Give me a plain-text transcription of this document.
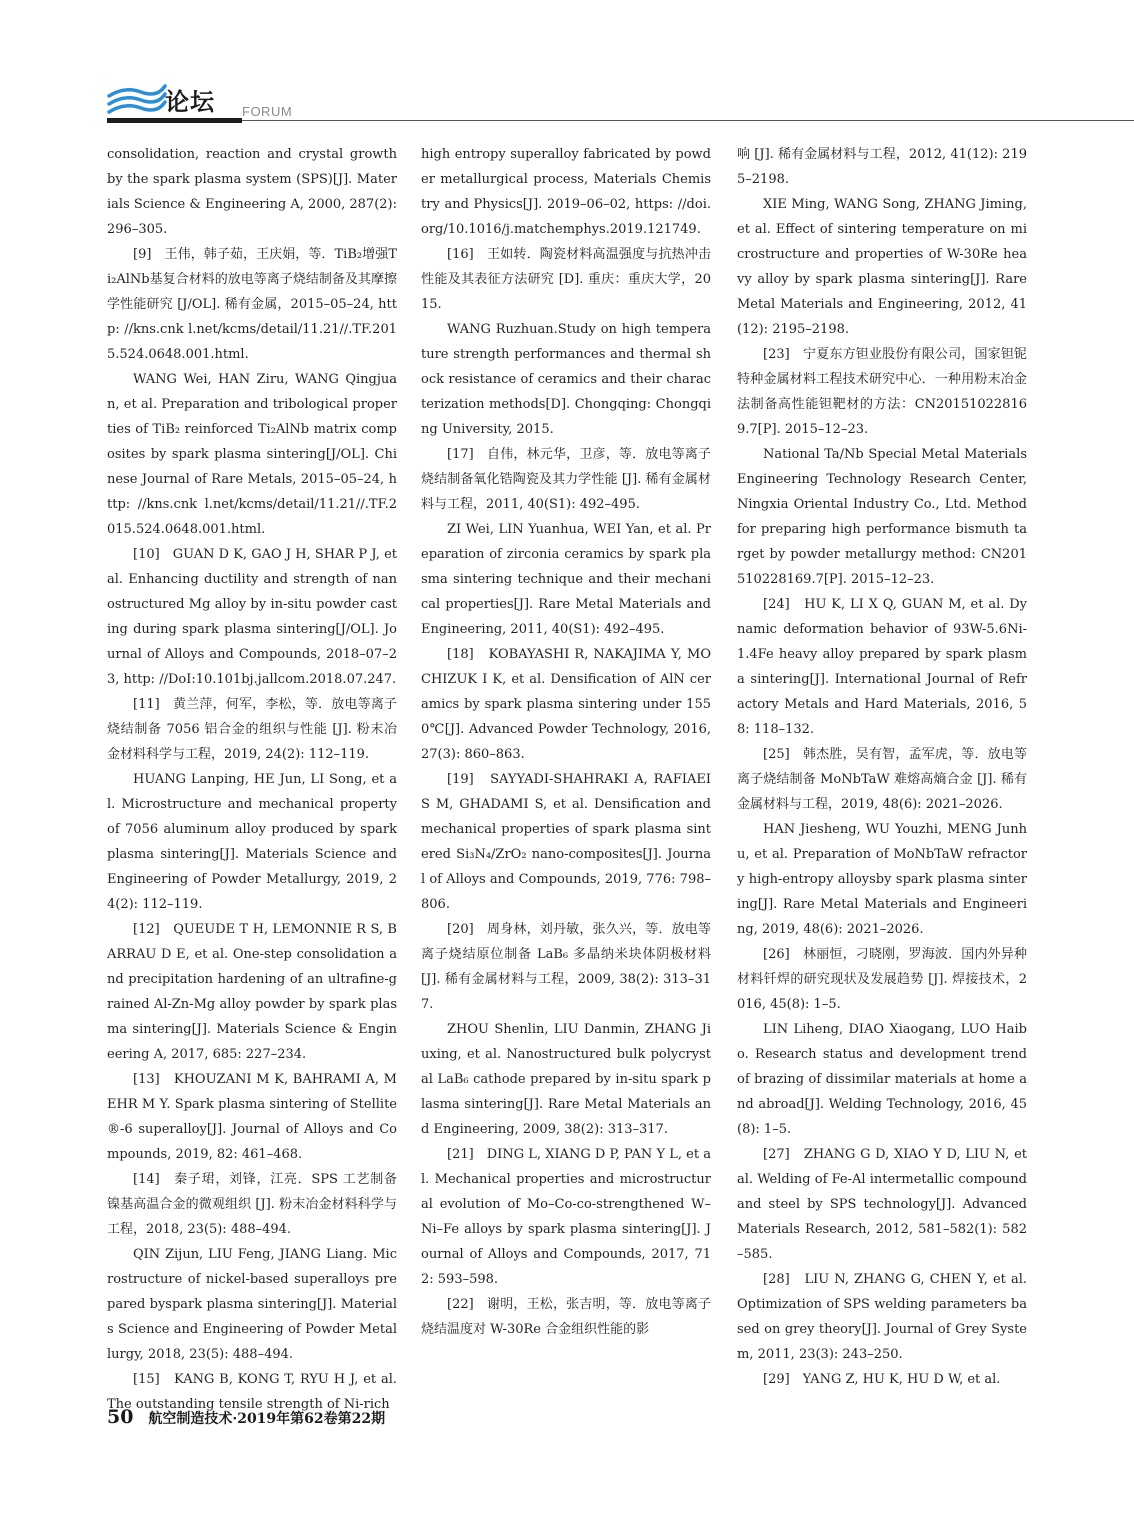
论坛 FORUM

consolidation, reaction and crystal growth by the spark plasma system (SPS)[J]. Materials Science & Engineering A, 2000, 287(2): 296–305.

[9]　王伟，韩子茹，王庆娟，等．TiB₂增强Ti₂AlNb基复合材料的放电等离子烧结制备及其摩擦学性能研究 [J/OL]. 稀有金属，2015–05–24, http: //kns.cnk l.net/kcms/detail/11.21//.TF.2015.524.0648.001.html.

WANG Wei, HAN Ziru, WANG Qingjuan, et al. Preparation and tribological properties of TiB₂ reinforced Ti₂AlNb matrix composites by spark plasma sintering[J/OL]. Chinese Journal of Rare Metals, 2015–05–24, http: //kns.cnk l.net/kcms/detail/11.21//.TF.2015.524.0648.001.html.

[10]　GUAN D K, GAO J H, SHAR P J, et al. Enhancing ductility and strength of nanostructured Mg alloy by in-situ powder casting during spark plasma sintering[J/OL]. Journal of Alloys and Compounds, 2018–07–23, http: //DoI:10.101bj.jallcom.2018.07.247.

[11]　黄兰萍，何军，李松，等．放电等离子烧结制备 7056 铝合金的组织与性能 [J]. 粉末冶金材料科学与工程，2019, 24(2): 112–119.

HUANG Lanping, HE Jun, LI Song, et al. Microstructure and mechanical property of 7056 aluminum alloy produced by spark plasma sintering[J]. Materials Science and Engineering of Powder Metallurgy, 2019, 24(2): 112–119.

[12]　QUEUDE T H, LEMONNIE R S, BARRAU D E, et al. One-step consolidation and precipitation hardening of an ultrafine-grained Al-Zn-Mg alloy powder by spark plasma sintering[J]. Materials Science & Engineering A, 2017, 685: 227–234.

[13]　KHOUZANI M K, BAHRAMI A, MEHR M Y. Spark plasma sintering of Stellite®-6 superalloy[J]. Journal of Alloys and Compounds, 2019, 82: 461–468.

[14]　秦子珺，刘锋，江亮．SPS 工艺制备镍基高温合金的微观组织 [J]. 粉末冶金材料科学与工程，2018, 23(5): 488–494.

QIN Zijun, LIU Feng, JIANG Liang. Microstructure of nickel-based superalloys prepared byspark plasma sintering[J]. Materials Science and Engineering of Powder Metallurgy, 2018, 23(5): 488–494.

[15]　KANG B, KONG T, RYU H J, et al. The outstanding tensile strength of Ni-rich

high entropy superalloy fabricated by powder metallurgical process, Materials Chemistry and Physics[J]. 2019–06–02, https: //doi.org/10.1016/j.matchemphys.2019.121749.

[16]　王如转．陶瓷材料高温强度与抗热冲击性能及其表征方法研究 [D]. 重庆：重庆大学，2015.

WANG Ruzhuan.Study on high temperature strength performances and thermal shock resistance of ceramics and their characterization methods[D]. Chongqing: Chongqing University, 2015.

[17]　自伟，林元华，卫彦，等．放电等离子烧结制备氧化锆陶瓷及其力学性能 [J]. 稀有金属材料与工程，2011, 40(S1): 492–495.

ZI Wei, LIN Yuanhua, WEI Yan, et al. Preparation of zirconia ceramics by spark plasma sintering technique and their mechanical properties[J]. Rare Metal Materials and Engineering, 2011, 40(S1): 492–495.

[18]　KOBAYASHI R, NAKAJIMA Y, MOCHIZUK I K, et al. Densification of AlN ceramics by spark plasma sintering under 1550℃[J]. Advanced Powder Technology, 2016, 27(3): 860–863.

[19]　SAYYADI-SHAHRAKI A, RAFIAEIS M, GHADAMI S, et al. Densification and mechanical properties of spark plasma sintered Si₃N₄/ZrO₂ nano-composites[J]. Journal of Alloys and Compounds, 2019, 776: 798–806.

[20]　周身林，刘丹敏，张久兴，等．放电等离子烧结原位制备 LaB₆ 多晶纳米块体阴极材料 [J]. 稀有金属材料与工程，2009, 38(2): 313–317.

ZHOU Shenlin, LIU Danmin, ZHANG Jiuxing, et al. Nanostructured bulk polycrystal LaB₆ cathode prepared by in-situ spark plasma sintering[J]. Rare Metal Materials and Engineering, 2009, 38(2): 313–317.

[21]　DING L, XIANG D P, PAN Y L, et al. Mechanical properties and microstructural evolution of Mo–Co-co-strengthened W–Ni–Fe alloys by spark plasma sintering[J]. Journal of Alloys and Compounds, 2017, 712: 593–598.

[22]　谢明，王松，张吉明，等．放电等离子烧结温度对 W-30Re 合金组织性能的影

响 [J]. 稀有金属材料与工程，2012, 41(12): 2195–2198.

XIE Ming, WANG Song, ZHANG Jiming, et al. Effect of sintering temperature on microstructure and properties of W-30Re heavy alloy by spark plasma sintering[J]. Rare Metal Materials and Engineering, 2012, 41(12): 2195–2198.

[23]　宁夏东方钽业股份有限公司，国家钽铌特种金属材料工程技术研究中心．一种用粉末冶金法制备高性能钽靶材的方法：CN201510228169.7[P]. 2015–12–23.

National Ta/Nb Special Metal Materials Engineering Technology Research Center, Ningxia Oriental Industry Co., Ltd. Method for preparing high performance bismuth target by powder metallurgy method: CN201510228169.7[P]. 2015–12–23.

[24]　HU K, LI X Q, GUAN M, et al. Dynamic deformation behavior of 93W-5.6Ni-1.4Fe heavy alloy prepared by spark plasma sintering[J]. International Journal of Refractory Metals and Hard Materials, 2016, 58: 118–132.

[25]　韩杰胜，吴有智，孟军虎，等．放电等离子烧结制备 MoNbTaW 难熔高熵合金 [J]. 稀有金属材料与工程，2019, 48(6): 2021–2026.

HAN Jiesheng, WU Youzhi, MENG Junhu, et al. Preparation of MoNbTaW refractory high-entropy alloysby spark plasma sintering[J]. Rare Metal Materials and Engineering, 2019, 48(6): 2021–2026.

[26]　林丽恒，刁晓刚，罗海波．国内外异种材料钎焊的研究现状及发展趋势 [J]. 焊接技术，2016, 45(8): 1–5.

LIN Liheng, DIAO Xiaogang, LUO Haibo. Research status and development trend of brazing of dissimilar materials at home and abroad[J]. Welding Technology, 2016, 45(8): 1–5.

[27]　ZHANG G D, XIAO Y D, LIU N, et al. Welding of Fe-Al intermetallic compound and steel by SPS technology[J]. Advanced Materials Research, 2012, 581–582(1): 582–585.

[28]　LIU N, ZHANG G, CHEN Y, et al. Optimization of SPS welding parameters based on grey theory[J]. Journal of Grey System, 2011, 23(3): 243–250.

[29]　YANG Z, HU K, HU D W, et al.

50 航空制造技术·2019年第62卷第22期
